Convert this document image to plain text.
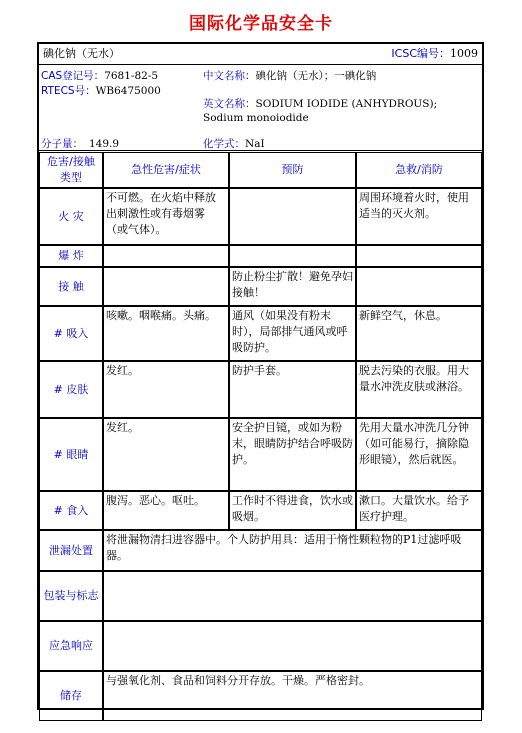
国际化学品安全卡
碘化钠（无水）	ICSC编号：1009
CAS登记号：7681-82-5
RTECS号：WB6475000
中文名称：碘化钠（无水）；一碘化钠
英文名称：SODIUM IODIDE (ANHYDROUS); Sodium monoiodide
分子量： 149.9	化学式：NaI
危害/接触类型	急性危害/症状	预防	急救/消防
火 灾	不可燃。在火焰中释放出刺激性或有毒烟雾（或气体）。		周围环境着火时，使用适当的灭火剂。
爆 炸			
接 触		防止粉尘扩散！避免孕妇接触！	
# 吸入	咳嗽。咽喉痛。头痛。	通风（如果没有粉末时），局部排气通风或呼吸防护。	新鲜空气，休息。
# 皮肤	发红。	防护手套。	脱去污染的衣服。用大量水冲洗皮肤或淋浴。
# 眼睛	发红。	安全护目镜，或如为粉末，眼睛防护结合呼吸防护。	先用大量水冲洗几分钟（如可能易行，摘除隐形眼镜），然后就医。
# 食入	腹泻。恶心。呕吐。	工作时不得进食，饮水或吸烟。	漱口。大量饮水。给予医疗护理。
泄漏处置	将泄漏物清扫进容器中。个人防护用具：适用于惰性颗粒物的P1过滤呼吸器。		
包装与标志			
应急响应			
储存	与强氧化剂、食品和饲料分开存放。干燥。严格密封。		
